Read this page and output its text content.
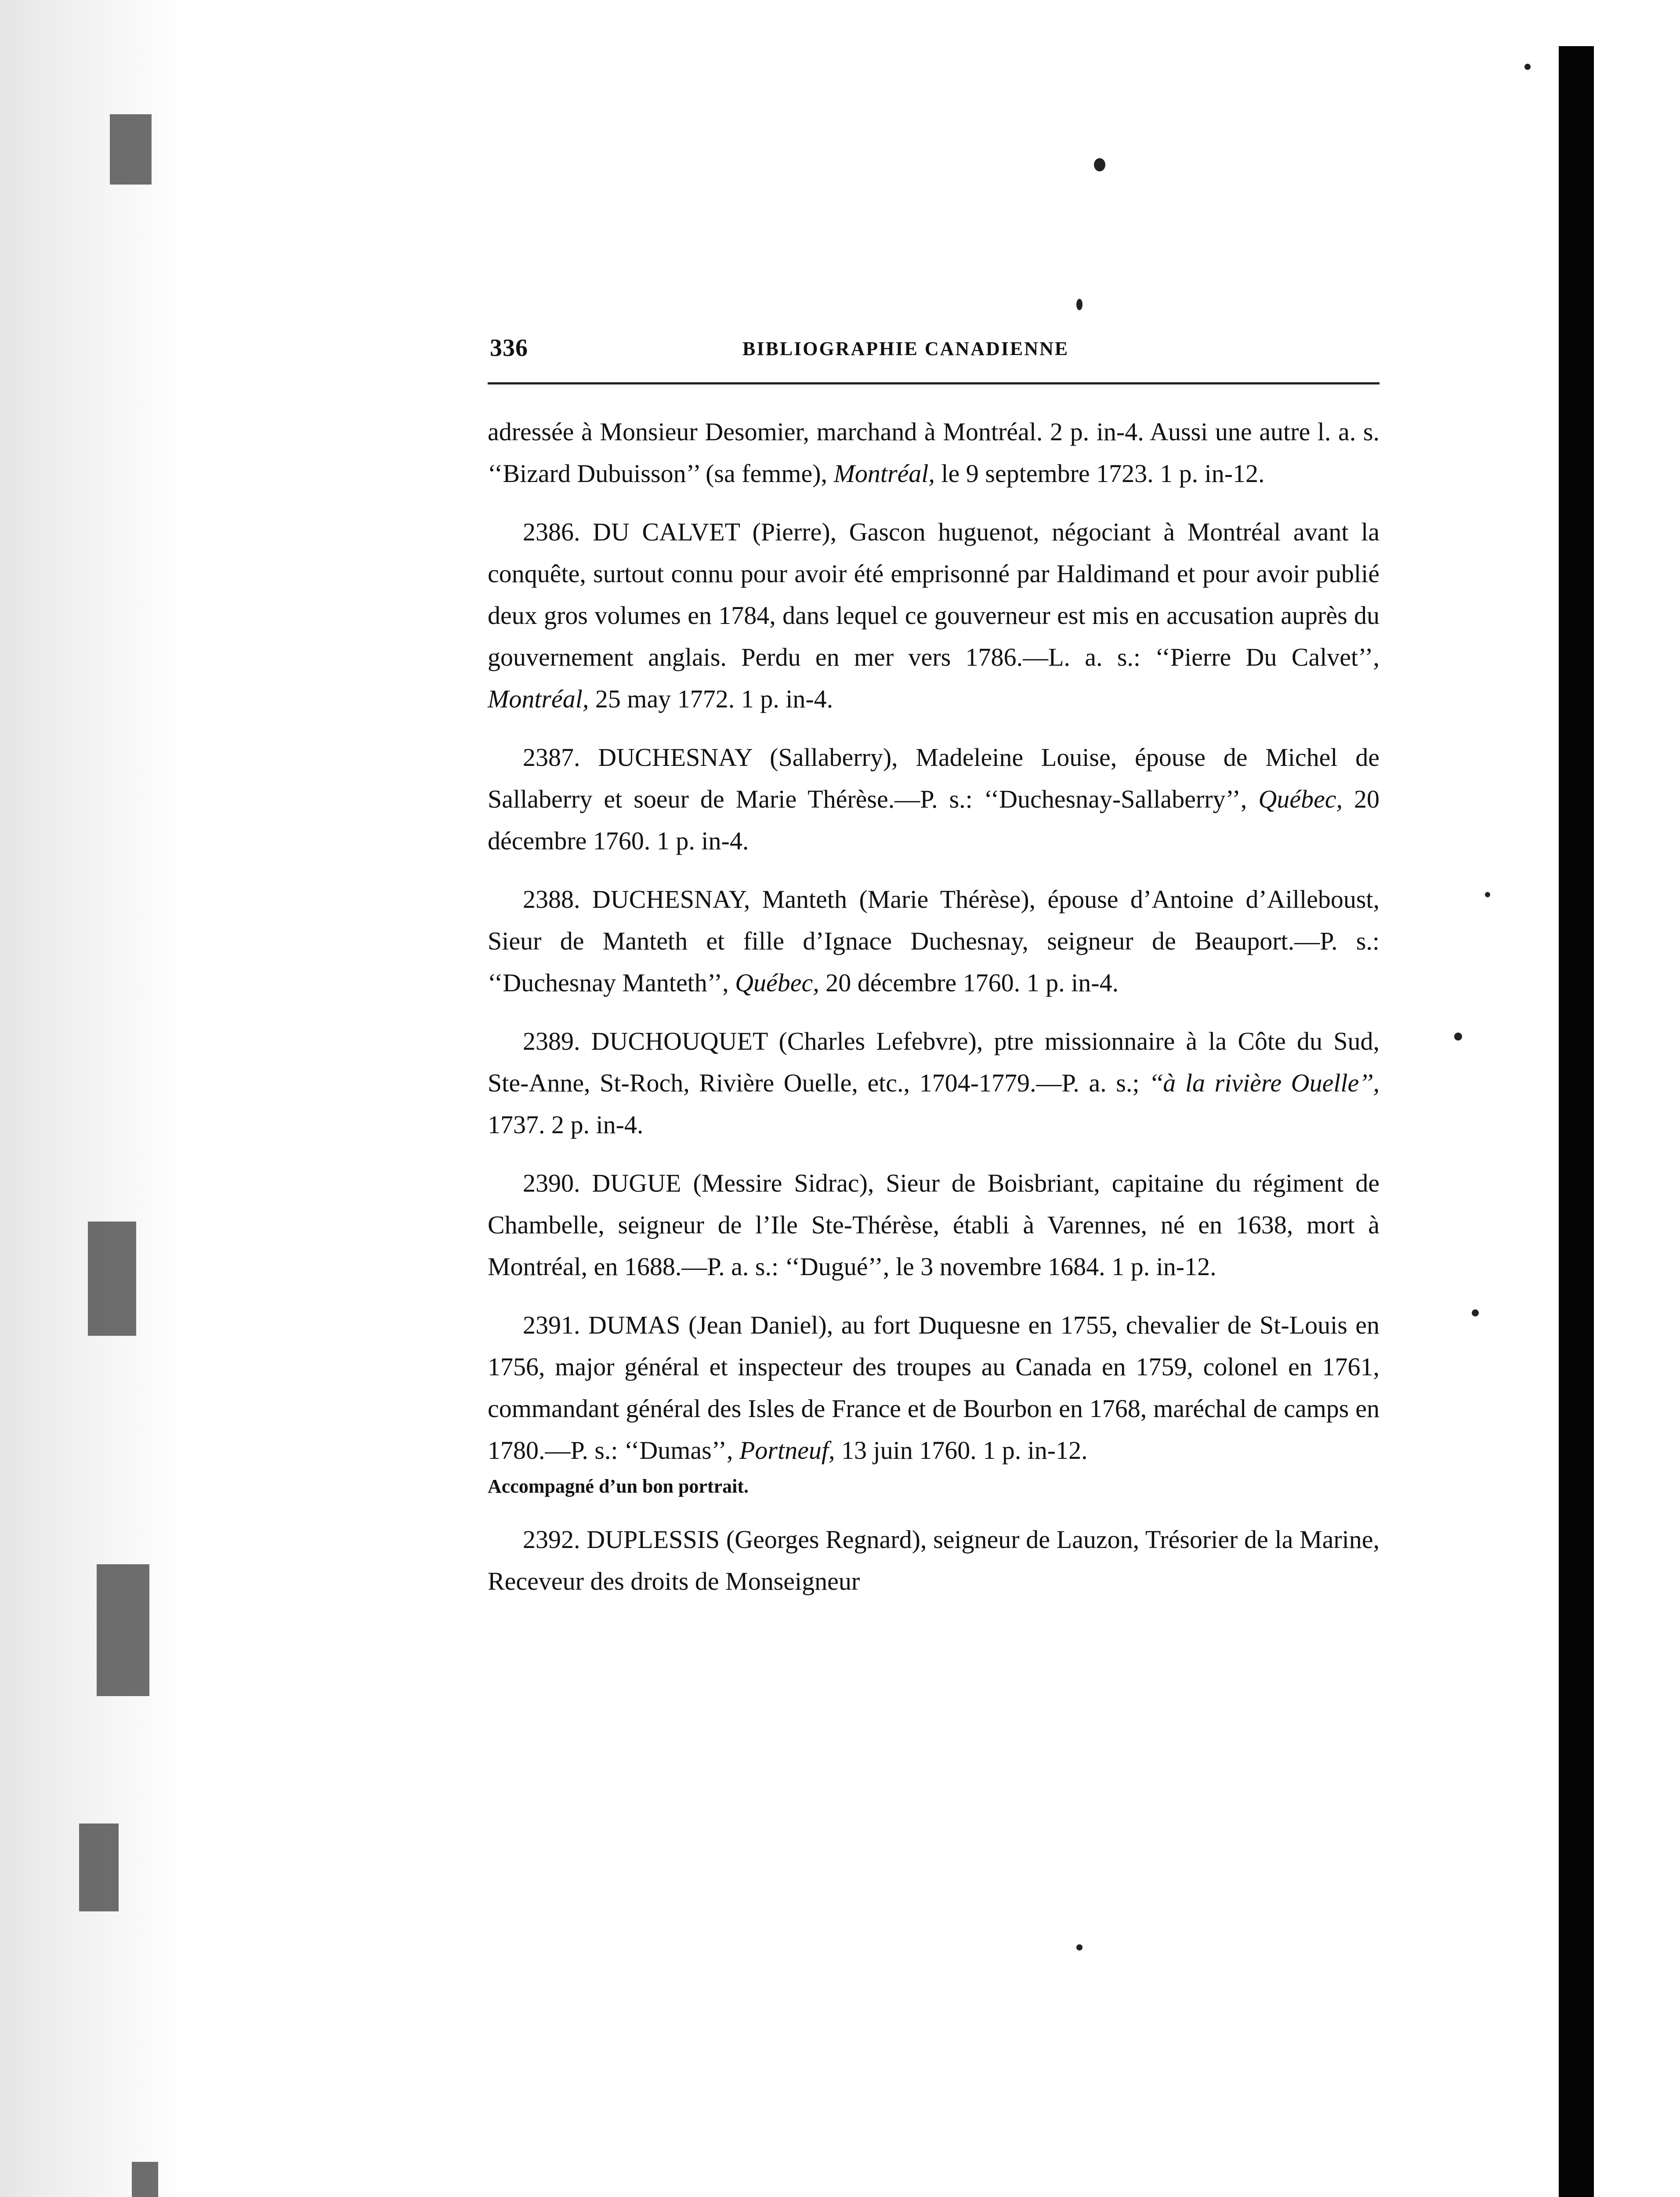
336	BIBLIOGRAPHIE CANADIENNE

adressée à Monsieur Desomier, marchand à Montréal. 2 p. in-4. Aussi une autre l. a. s. ‘‘Bizard Dubuisson’’ (sa femme), Montréal, le 9 septembre 1723. 1 p. in-12.

2386. DU CALVET (Pierre), Gascon huguenot, négociant à Montréal avant la conquête, surtout connu pour avoir été emprisonné par Haldimand et pour avoir publié deux gros volumes en 1784, dans lequel ce gouverneur est mis en accusation auprès du gouvernement anglais. Perdu en mer vers 1786.—L. a. s.: ‘‘Pierre Du Calvet’’, Montréal, 25 may 1772. 1 p. in-4.

2387. DUCHESNAY (Sallaberry), Madeleine Louise, épouse de Michel de Sallaberry et soeur de Marie Thérèse.—P. s.: ‘‘Duchesnay-Sallaberry’’, Québec, 20 décembre 1760. 1 p. in-4.

2388. DUCHESNAY, Manteth (Marie Thérèse), épouse d’Antoine d’Ailleboust, Sieur de Manteth et fille d’Ignace Duchesnay, seigneur de Beauport.—P. s.: ‘‘Duchesnay Manteth’’, Québec, 20 décembre 1760. 1 p. in-4.

2389. DUCHOUQUET (Charles Lefebvre), ptre missionnaire à la Côte du Sud, Ste-Anne, St-Roch, Rivière Ouelle, etc., 1704-1779.—P. a. s.; ‘‘à la rivière Ouelle’’, 1737. 2 p. in-4.

2390. DUGUE (Messire Sidrac), Sieur de Boisbriant, capitaine du régiment de Chambelle, seigneur de l’Ile Ste-Thérèse, établi à Varennes, né en 1638, mort à Montréal, en 1688.—P. a. s.: ‘‘Dugué’’, le 3 novembre 1684. 1 p. in-12.

2391. DUMAS (Jean Daniel), au fort Duquesne en 1755, chevalier de St-Louis en 1756, major général et inspecteur des troupes au Canada en 1759, colonel en 1761, commandant général des Isles de France et de Bourbon en 1768, maréchal de camps en 1780.—P. s.: ‘‘Dumas’’, Portneuf, 13 juin 1760. 1 p. in-12.

Accompagné d’un bon portrait.

2392. DUPLESSIS (Georges Regnard), seigneur de Lauzon, Trésorier de la Marine, Receveur des droits de Monseigneur
